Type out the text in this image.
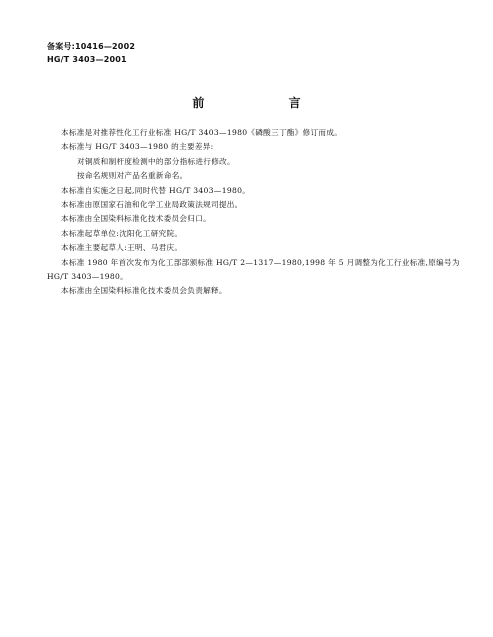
备案号:10416—2002
HG/T 3403—2001
前 言

本标准是对推荐性化工行业标准 HG/T 3403—1980《磷酸三丁酯》修订而成。

本标准与 HG/T 3403—1980 的主要差异:

对铜质和制杆度检测中的部分指标进行修改。

按命名规则对产品名重新命名。

本标准自实施之日起,同时代替 HG/T 3403—1980。

本标准由原国家石油和化学工业局政策法规司提出。

本标准由全国染料标准化技术委员会归口。

本标准起草单位:沈阳化工研究院。

本标准主要起草人:王明、马君庆。

本标准 1980 年首次发布为化工部部颁标准 HG/T 2—1317—1980,1998 年 5 月调整为化工行业标准,原编号为 HG/T 3403—1980。

本标准由全国染料标准化技术委员会负责解释。
